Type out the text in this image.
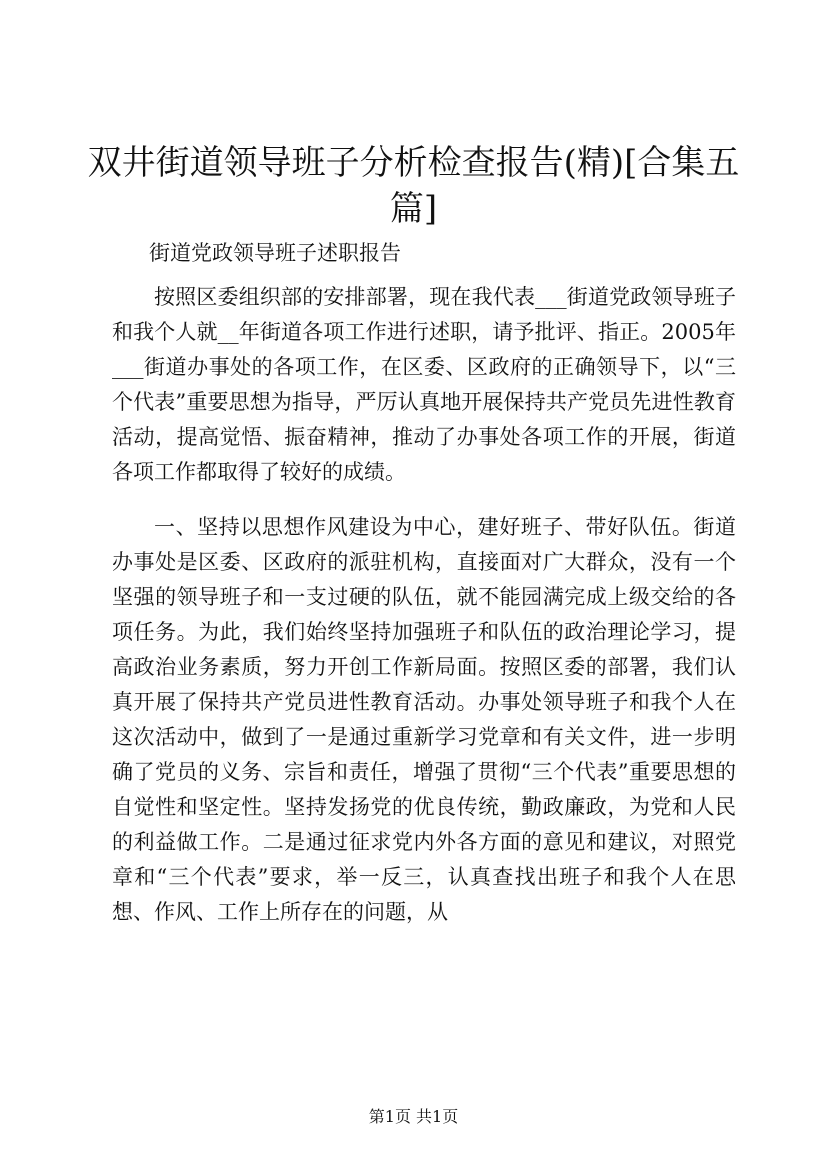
双井街道领导班子分析检查报告(精)[合集五篇]
街道党政领导班子述职报告

按照区委组织部的安排部署，现在我代表___街道党政领导班子和我个人就__年街道各项工作进行述职，请予批评、指正。2005年___街道办事处的各项工作，在区委、区政府的正确领导下，以“三个代表”重要思想为指导，严厉认真地开展保持共产党员先进性教育活动，提高觉悟、振奋精神，推动了办事处各项工作的开展，街道各项工作都取得了较好的成绩。

一、坚持以思想作风建设为中心，建好班子、带好队伍。街道办事处是区委、区政府的派驻机构，直接面对广大群众，没有一个坚强的领导班子和一支过硬的队伍，就不能园满完成上级交给的各项任务。为此，我们始终坚持加强班子和队伍的政治理论学习，提高政治业务素质，努力开创工作新局面。按照区委的部署，我们认真开展了保持共产党员进性教育活动。办事处领导班子和我个人在这次活动中，做到了一是通过重新学习党章和有关文件，进一步明确了党员的义务、宗旨和责任，增强了贯彻“三个代表”重要思想的自觉性和坚定性。坚持发扬党的优良传统，勤政廉政，为党和人民的利益做工作。二是通过征求党内外各方面的意见和建议，对照党章和“三个代表”要求，举一反三，认真查找出班子和我个人在思想、作风、工作上所存在的问题，从

第1页 共1页
